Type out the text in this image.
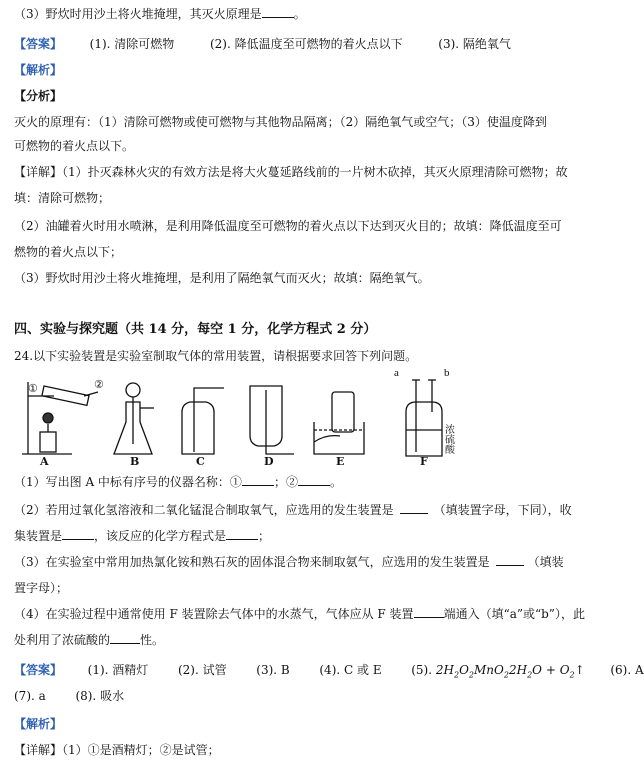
（3）野炊时用沙土将火堆掩埋，其灭火原理是	。
【答案】 (1). 清除可燃物	(2). 降低温度至可燃物的着火点以下	(3). 隔绝氧气
【解析】
【分析】
灭火的原理有：（1）清除可燃物或使可燃物与其他物品隔离；（2）隔绝氧气或空气；（3）使温度降到
可燃物的着火点以下。
【详解】（1）扑灭森林火灾的有效方法是将大火蔓延路线前的一片树木砍掉，其灭火原理清除可燃物；故
填：清除可燃物；
（2）油罐着火时用水喷淋，是利用降低温度至可燃物的着火点以下达到灭火目的；故填：降低温度至可
燃物的着火点以下；
（3）野炊时用沙土将火堆掩埋，是利用了隔绝氧气而灭火；故填：隔绝氧气。
四、实验与探究题（共 14 分，每空 1 分，化学方程式 2 分）
24.以下实验装置是实验室制取气体的常用装置，请根据要求回答下列问题。
①	②
a	b
浓硫酸
A	B	C	D	E	F
（1）写出图 A 中标有序号的仪器名称：①	；②	。
（2）若用过氧化氢溶液和二氧化锰混合制取氧气，应选用的发生装置是	（填装置字母，下同），收
集装置是	，该反应的化学方程式是	；
（3）在实验室中常用加热氯化铵和熟石灰的固体混合物来制取氨气，应选用的发生装置是	（填装
置字母）；
（4）在实验过程中通常使用 F 装置除去气体中的水蒸气，气体应从 F 装置	端通入（填“a”或“b”），此
处利用了浓硫酸的	性。
【答案】 (1). 酒精灯 (2). 试管 (3). B (4). C 或 E (5). $2H_2O_2MnO_22H_2O$ + $O_2↑$ (6). A
(7). a (8). 吸水
【解析】
【详解】（1）①是酒精灯；②是试管；
